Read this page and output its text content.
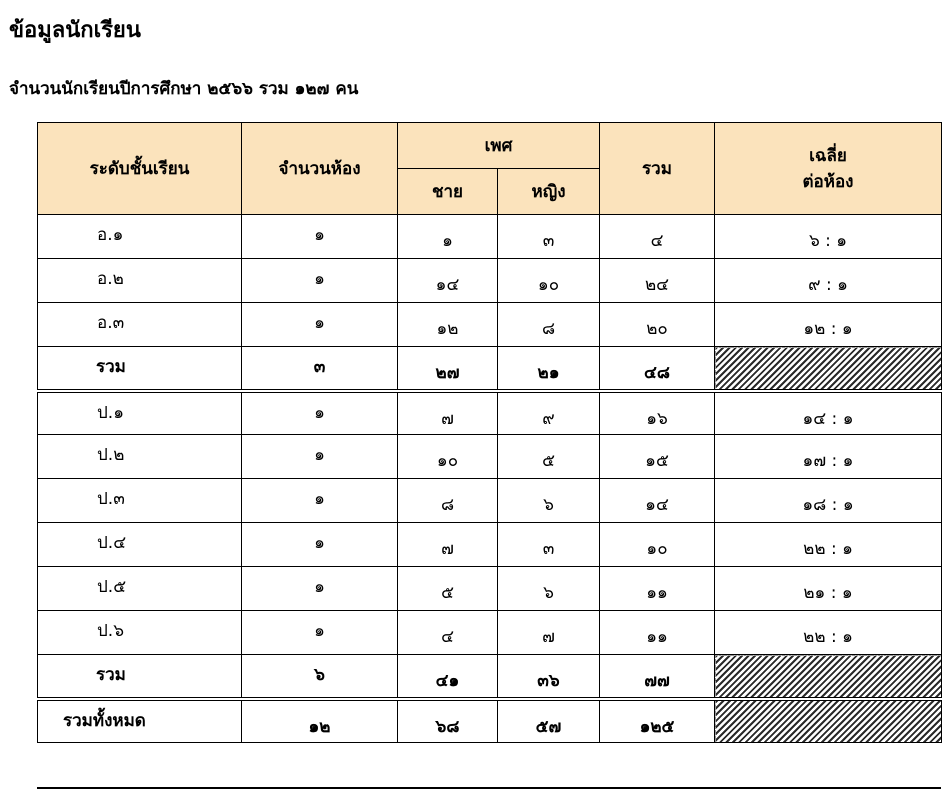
ข้อมูลนักเรียน
จำนวนนักเรียนปีการศึกษา ๒๕๖๖ รวม ๑๒๗ คน
ระดับชั้นเรียน	จำนวนห้อง	เพศ		รวม	เฉลี่ย
ต่อห้อง

		ชาย	หญิง		
อ.๑	๑	๑	๓	๔	๖ : ๑
อ.๒	๑	๑๔	๑๐	๒๔	๙ : ๑
อ.๓	๑	๑๒	๘	๒๐	๑๒ : ๑
รวม	๓	๒๗	๒๑	๔๘	
ป.๑	๑	๗	๙	๑๖	๑๔ : ๑
ป.๒	๑	๑๐	๕	๑๕	๑๗ : ๑
ป.๓	๑	๘	๖	๑๔	๑๘ : ๑
ป.๔	๑	๗	๓	๑๐	๒๒ : ๑
ป.๕	๑	๕	๖	๑๑	๒๑ : ๑
ป.๖	๑	๔	๗	๑๑	๒๒ : ๑
รวม	๖	๔๑	๓๖	๗๗	
รวมทั้งหมด	๑๒	๖๘	๕๗	๑๒๕	
